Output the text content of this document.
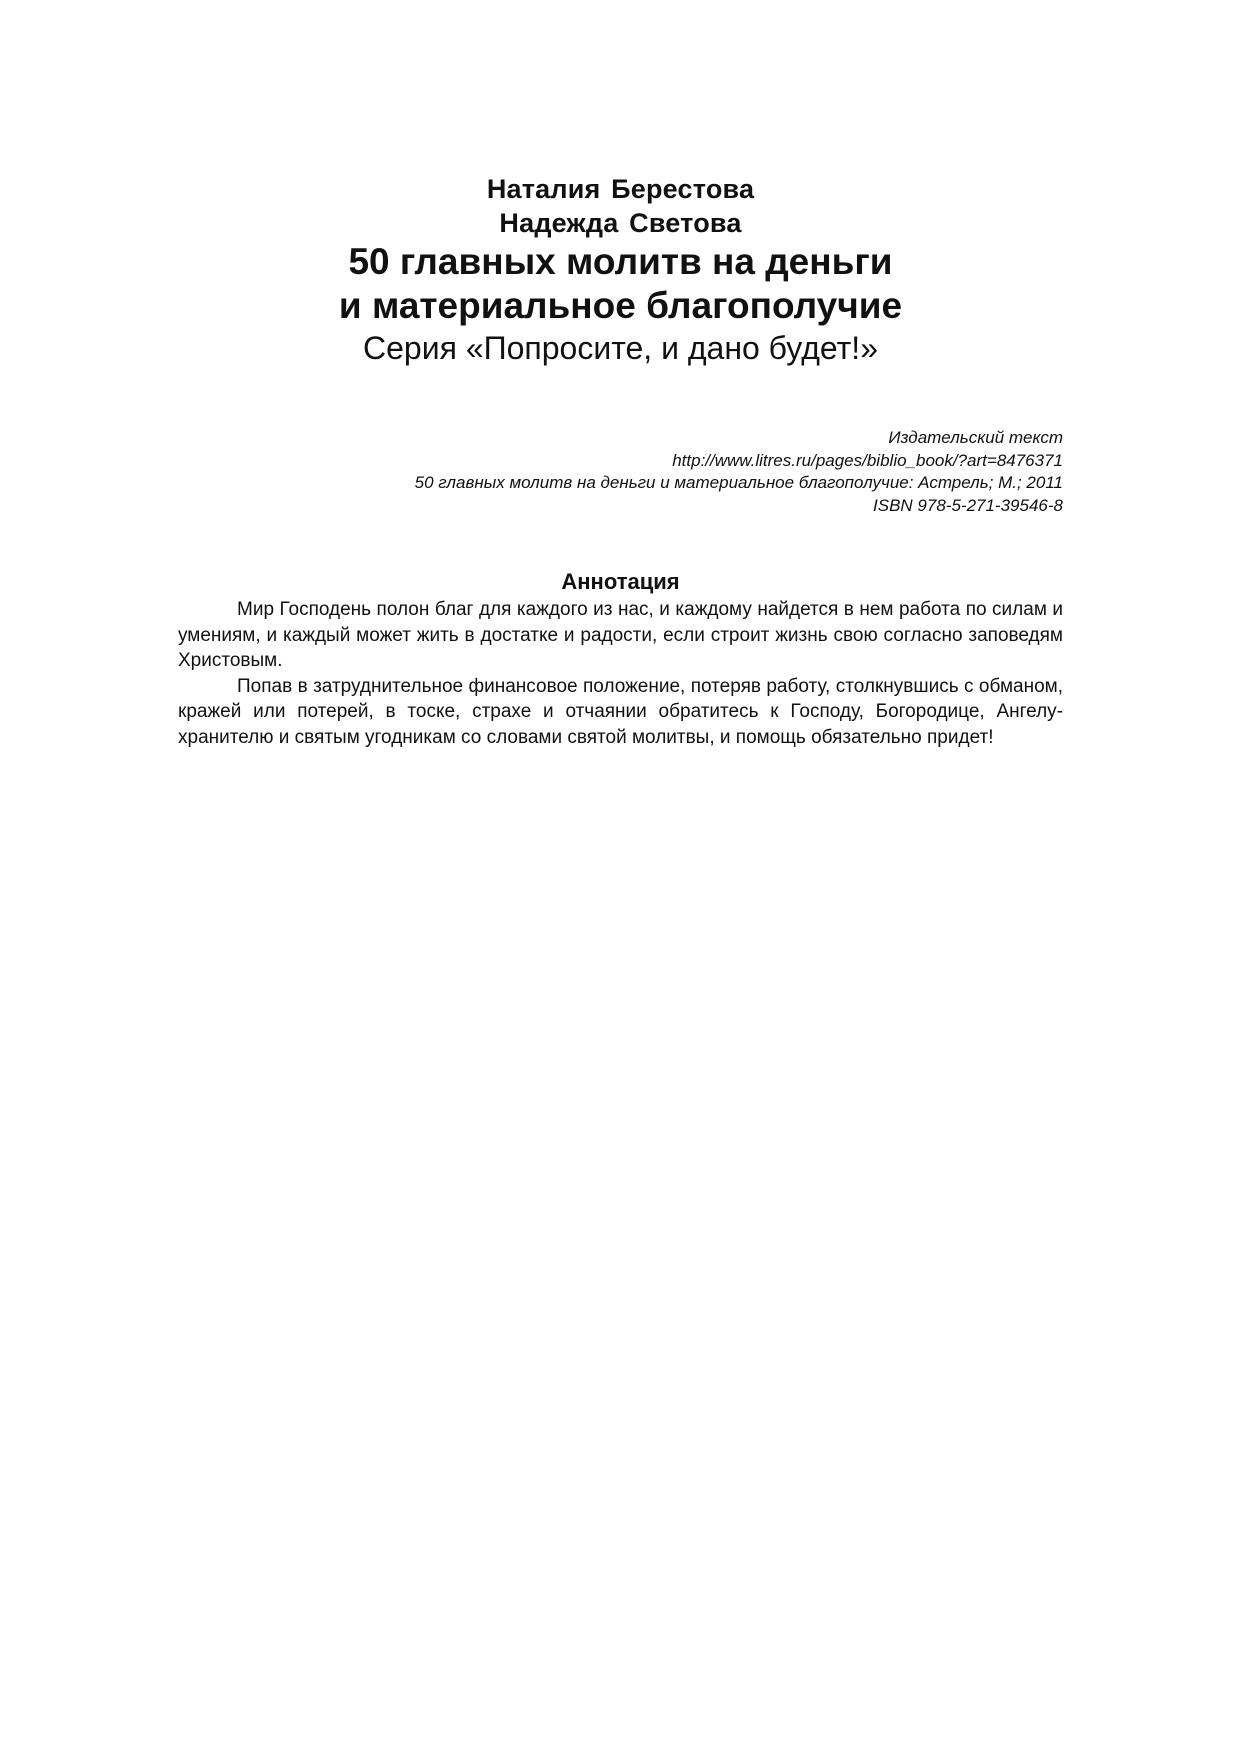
Наталия Берестова
Надежда Светова
50 главных молитв на деньги
и материальное благополучие
Серия «Попросите, и дано будет!»
Издательский текст
http://www.litres.ru/pages/biblio_book/?art=8476371
50 главных молитв на деньги и материальное благополучие: Астрель; М.; 2011
ISBN 978-5-271-39546-8
Аннотация

Мир Господень полон благ для каждого из нас, и каждому найдется в нем работа по силам и умениям, и каждый может жить в достатке и радости, если строит жизнь свою согласно заповедям Христовым.

Попав в затруднительное финансовое положение, потеряв работу, столкнувшись с обманом, кражей или потерей, в тоске, страхе и отчаянии обратитесь к Господу, Богородице, Ангелу-хранителю и святым угодникам со словами святой молитвы, и помощь обязательно придет!
